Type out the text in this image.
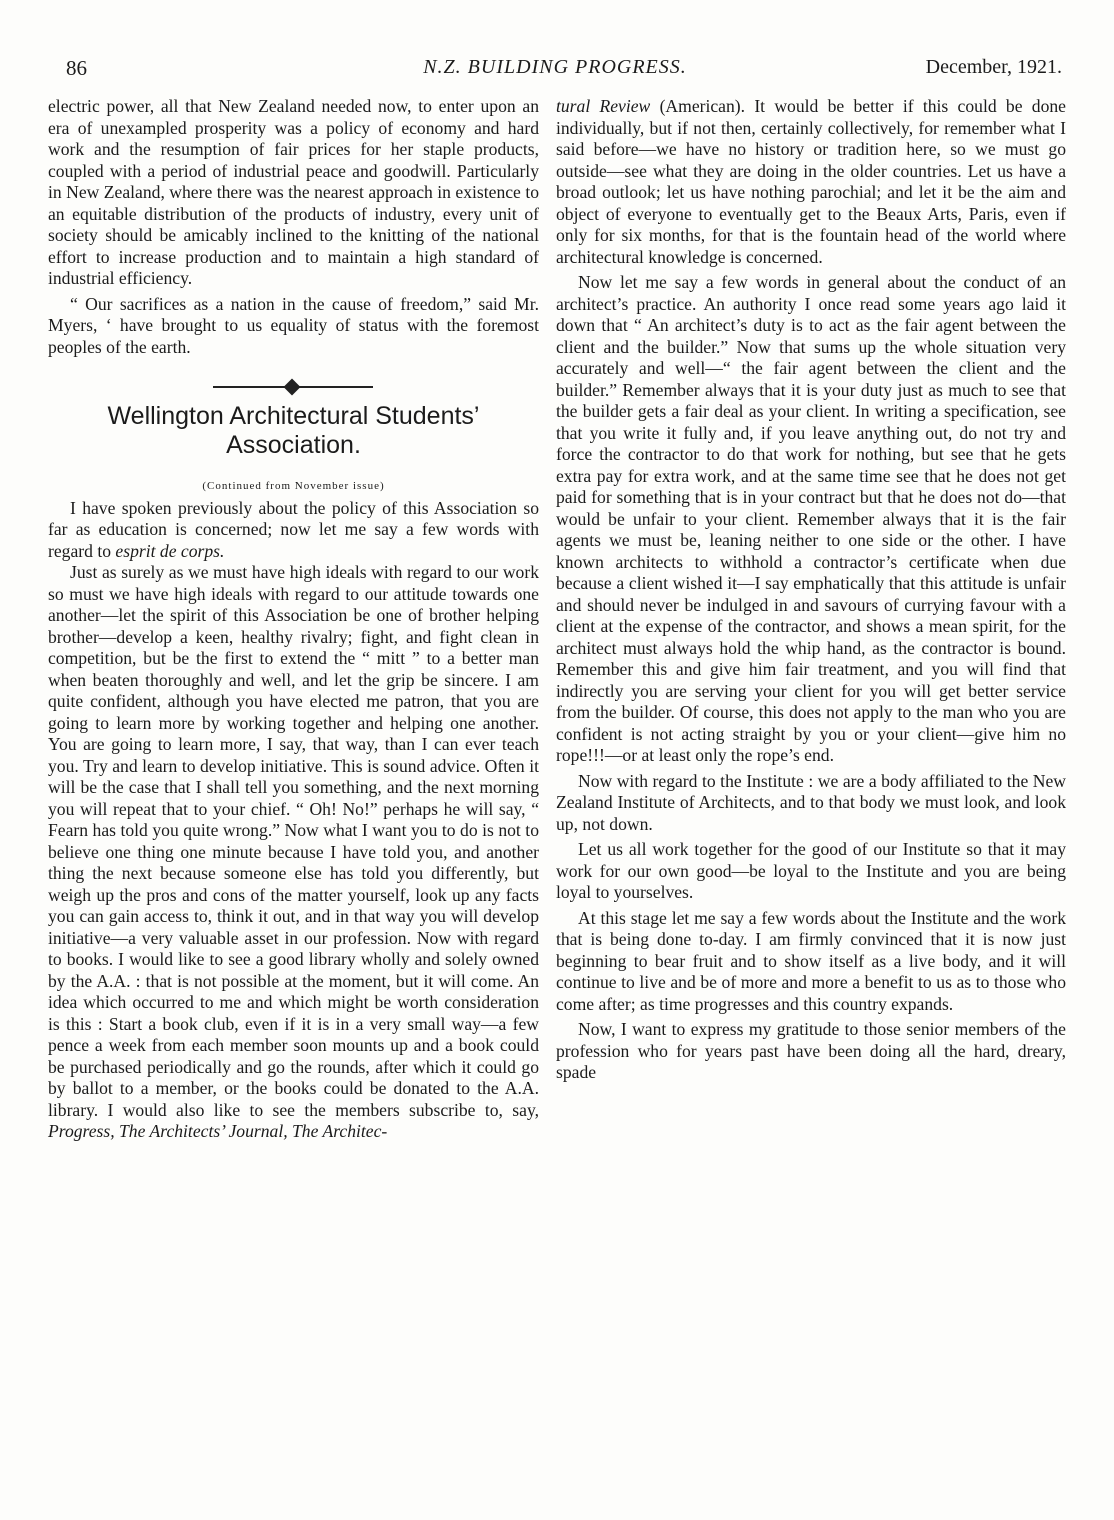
86	N.Z. BUILDING PROGRESS.	December, 1921.

electric power, all that New Zealand needed now, to enter upon an era of unexampled prosperity was a policy of economy and hard work and the resumption of fair prices for her staple products, coupled with a period of industrial peace and goodwill. Particularly in New Zealand, where there was the nearest approach in existence to an equitable distribution of the products of industry, every unit of society should be amicably inclined to the knitting of the national effort to increase production and to maintain a high standard of industrial efficiency.

“ Our sacrifices as a nation in the cause of freedom,” said Mr. Myers, ‘ have brought to us equality of status with the foremost peoples of the earth.

Wellington Architectural Students’
Association.

(Continued from November issue)

I have spoken previously about the policy of this Association so far as education is concerned; now let me say a few words with regard to esprit de corps.

Just as surely as we must have high ideals with regard to our work so must we have high ideals with regard to our attitude towards one another—let the spirit of this Association be one of brother helping brother—develop a keen, healthy rivalry; fight, and fight clean in competition, but be the first to extend the “ mitt ” to a better man when beaten thoroughly and well, and let the grip be sincere. I am quite confident, although you have elected me patron, that you are going to learn more by working together and helping one another. You are going to learn more, I say, that way, than I can ever teach you. Try and learn to develop initiative. This is sound advice. Often it will be the case that I shall tell you something, and the next morning you will repeat that to your chief. “ Oh! No!” perhaps he will say, “ Fearn has told you quite wrong.” Now what I want you to do is not to believe one thing one minute because I have told you, and another thing the next because someone else has told you differently, but weigh up the pros and cons of the matter yourself, look up any facts you can gain access to, think it out, and in that way you will develop initiative—a very valuable asset in our profession. Now with regard to books. I would like to see a good library wholly and solely owned by the A.A. : that is not possible at the moment, but it will come. An idea which occurred to me and which might be worth consideration is this : Start a book club, even if it is in a very small way—a few pence a week from each member soon mounts up and a book could be purchased periodically and go the rounds, after which it could go by ballot to a member, or the books could be donated to the A.A. library. I would also like to see the members subscribe to, say, Progress, The Architects’ Journal, The Architec-

tural Review (American). It would be better if this could be done individually, but if not then, certainly collectively, for remember what I said before—we have no history or tradition here, so we must go outside—see what they are doing in the older countries. Let us have a broad outlook; let us have nothing parochial; and let it be the aim and object of everyone to eventually get to the Beaux Arts, Paris, even if only for six months, for that is the fountain head of the world where architectural knowledge is concerned.

Now let me say a few words in general about the conduct of an architect’s practice. An authority I once read some years ago laid it down that “ An architect’s duty is to act as the fair agent between the client and the builder.” Now that sums up the whole situation very accurately and well—“ the fair agent between the client and the builder.” Remember always that it is your duty just as much to see that the builder gets a fair deal as your client. In writing a specification, see that you write it fully and, if you leave anything out, do not try and force the contractor to do that work for nothing, but see that he gets extra pay for extra work, and at the same time see that he does not get paid for something that is in your contract but that he does not do—that would be unfair to your client. Remember always that it is the fair agents we must be, leaning neither to one side or the other. I have known architects to withhold a contractor’s certificate when due because a client wished it—I say emphatically that this attitude is unfair and should never be indulged in and savours of currying favour with a client at the expense of the contractor, and shows a mean spirit, for the architect must always hold the whip hand, as the contractor is bound. Remember this and give him fair treatment, and you will find that indirectly you are serving your client for you will get better service from the builder. Of course, this does not apply to the man who you are confident is not acting straight by you or your client—give him no rope!!!—or at least only the rope’s end.

Now with regard to the Institute : we are a body affiliated to the New Zealand Institute of Architects, and to that body we must look, and look up, not down.

Let us all work together for the good of our Institute so that it may work for our own good—be loyal to the Institute and you are being loyal to yourselves.

At this stage let me say a few words about the Institute and the work that is being done to-day. I am firmly convinced that it is now just beginning to bear fruit and to show itself as a live body, and it will continue to live and be of more and more a benefit to us as to those who come after; as time progresses and this country expands.

Now, I want to express my gratitude to those senior members of the profession who for years past have been doing all the hard, dreary, spade
